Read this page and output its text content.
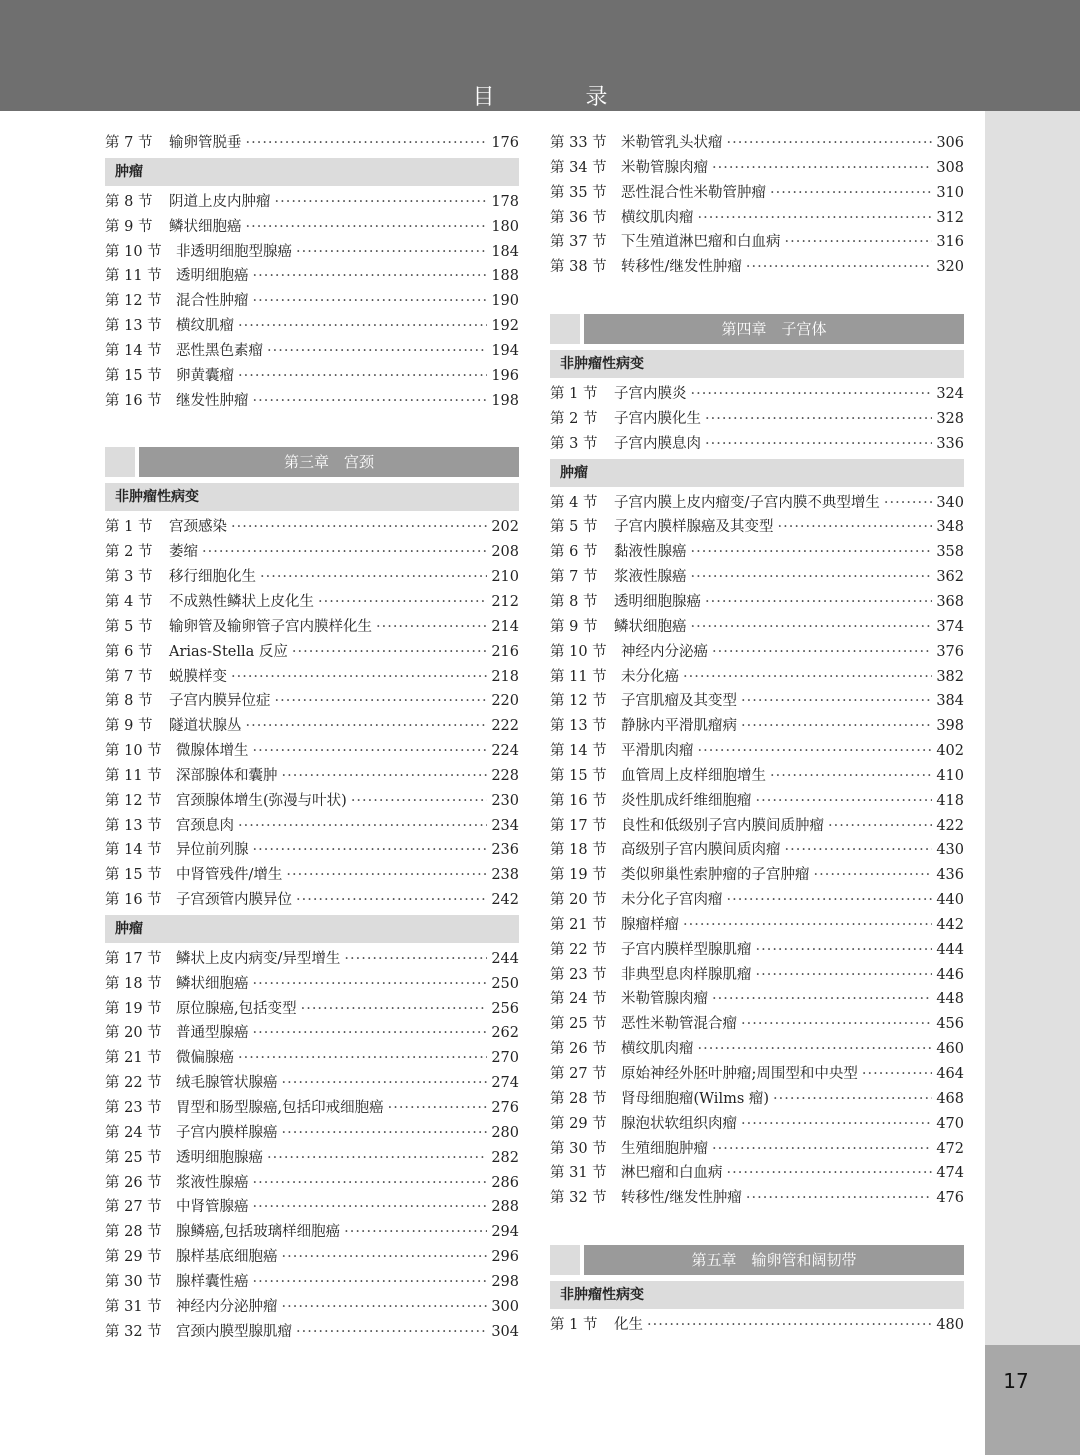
目 录
17
第 7 节	输卵管脱垂 ·····	176
肿瘤
第 8 节	阴道上皮内肿瘤 ·····	178
第 9 节	鳞状细胞癌 ·····	180
第 10 节 非透明细胞型腺癌 ·····	184
第 11 节 透明细胞癌 ·····	188
第 12 节 混合性肿瘤 ·····	190
第 13 节 横纹肌瘤 ·····	192
第 14 节 恶性黑色素瘤 ·····	194
第 15 节 卵黄囊瘤 ·····	196
第 16 节 继发性肿瘤 ·····	198
第三章　宫颈
非肿瘤性病变
第 1 节	宫颈感染 ·····	202
第 2 节	萎缩 ·····	208
第 3 节	移行细胞化生 ·····	210
第 4 节	不成熟性鳞状上皮化生 ·····	212
第 5 节	输卵管及输卵管子宫内膜样化生 ·····	214
第 6 节	Arias-Stella 反应 ·····	216
第 7 节	蜕膜样变 ·····	218
第 8 节	子宫内膜异位症 ·····	220
第 9 节	隧道状腺丛 ·····	222
第 10 节 微腺体增生 ·····	224
第 11 节 深部腺体和囊肿 ·····	228
第 12 节 宫颈腺体增生(弥漫与叶状) ·····	230
第 13 节 宫颈息肉 ·····	234
第 14 节 异位前列腺 ·····	236
第 15 节 中肾管残件/增生 ·····	238
第 16 节 子宫颈管内膜异位 ·····	242
肿瘤
第 17 节 鳞状上皮内病变/异型增生 ·····	244
第 18 节 鳞状细胞癌 ·····	250
第 19 节 原位腺癌,包括变型 ·····	256
第 20 节 普通型腺癌 ·····	262
第 21 节 微偏腺癌 ·····	270
第 22 节 绒毛腺管状腺癌 ·····	274
第 23 节 胃型和肠型腺癌,包括印戒细胞癌 ·····	276
第 24 节 子宫内膜样腺癌 ·····	280
第 25 节 透明细胞腺癌 ·····	282
第 26 节 浆液性腺癌 ·····	286
第 27 节 中肾管腺癌 ·····	288
第 28 节 腺鳞癌,包括玻璃样细胞癌 ·····	294
第 29 节 腺样基底细胞癌 ·····	296
第 30 节 腺样囊性癌 ·····	298
第 31 节 神经内分泌肿瘤 ·····	300
第 32 节 宫颈内膜型腺肌瘤 ·····	304
第 33 节 米勒管乳头状瘤 ·····	306
第 34 节 米勒管腺肉瘤 ·····	308
第 35 节 恶性混合性米勒管肿瘤 ·····	310
第 36 节 横纹肌肉瘤 ·····	312
第 37 节 下生殖道淋巴瘤和白血病 ·····	316
第 38 节 转移性/继发性肿瘤 ·····	320
第四章　子宫体
非肿瘤性病变
第 1 节	子宫内膜炎 ·····	324
第 2 节	子宫内膜化生 ·····	328
第 3 节	子宫内膜息肉 ·····	336
肿瘤
第 4 节	子宫内膜上皮内瘤变/子宫内膜不典型增生 ·····	340
第 5 节	子宫内膜样腺癌及其变型 ·····	348
第 6 节	黏液性腺癌 ·····	358
第 7 节	浆液性腺癌 ·····	362
第 8 节	透明细胞腺癌 ·····	368
第 9 节	鳞状细胞癌 ·····	374
第 10 节 神经内分泌癌 ·····	376
第 11 节 未分化癌 ·····	382
第 12 节 子宫肌瘤及其变型 ·····	384
第 13 节 静脉内平滑肌瘤病 ·····	398
第 14 节 平滑肌肉瘤 ·····	402
第 15 节 血管周上皮样细胞增生 ·····	410
第 16 节 炎性肌成纤维细胞瘤 ·····	418
第 17 节 良性和低级别子宫内膜间质肿瘤 ·····	422
第 18 节 高级别子宫内膜间质肉瘤 ·····	430
第 19 节 类似卵巢性索肿瘤的子宫肿瘤 ·····	436
第 20 节 未分化子宫肉瘤 ·····	440
第 21 节 腺瘤样瘤 ·····	442
第 22 节 子宫内膜样型腺肌瘤 ·····	444
第 23 节 非典型息肉样腺肌瘤 ·····	446
第 24 节 米勒管腺肉瘤 ·····	448
第 25 节 恶性米勒管混合瘤 ·····	456
第 26 节 横纹肌肉瘤 ·····	460
第 27 节 原始神经外胚叶肿瘤;周围型和中央型 ·····	464
第 28 节 肾母细胞瘤(Wilms 瘤) ·····	468
第 29 节 腺泡状软组织肉瘤 ·····	470
第 30 节 生殖细胞肿瘤 ·····	472
第 31 节 淋巴瘤和白血病 ·····	474
第 32 节 转移性/继发性肿瘤 ·····	476
第五章　输卵管和阔韧带
非肿瘤性病变
第 1 节	化生 ·····	480
